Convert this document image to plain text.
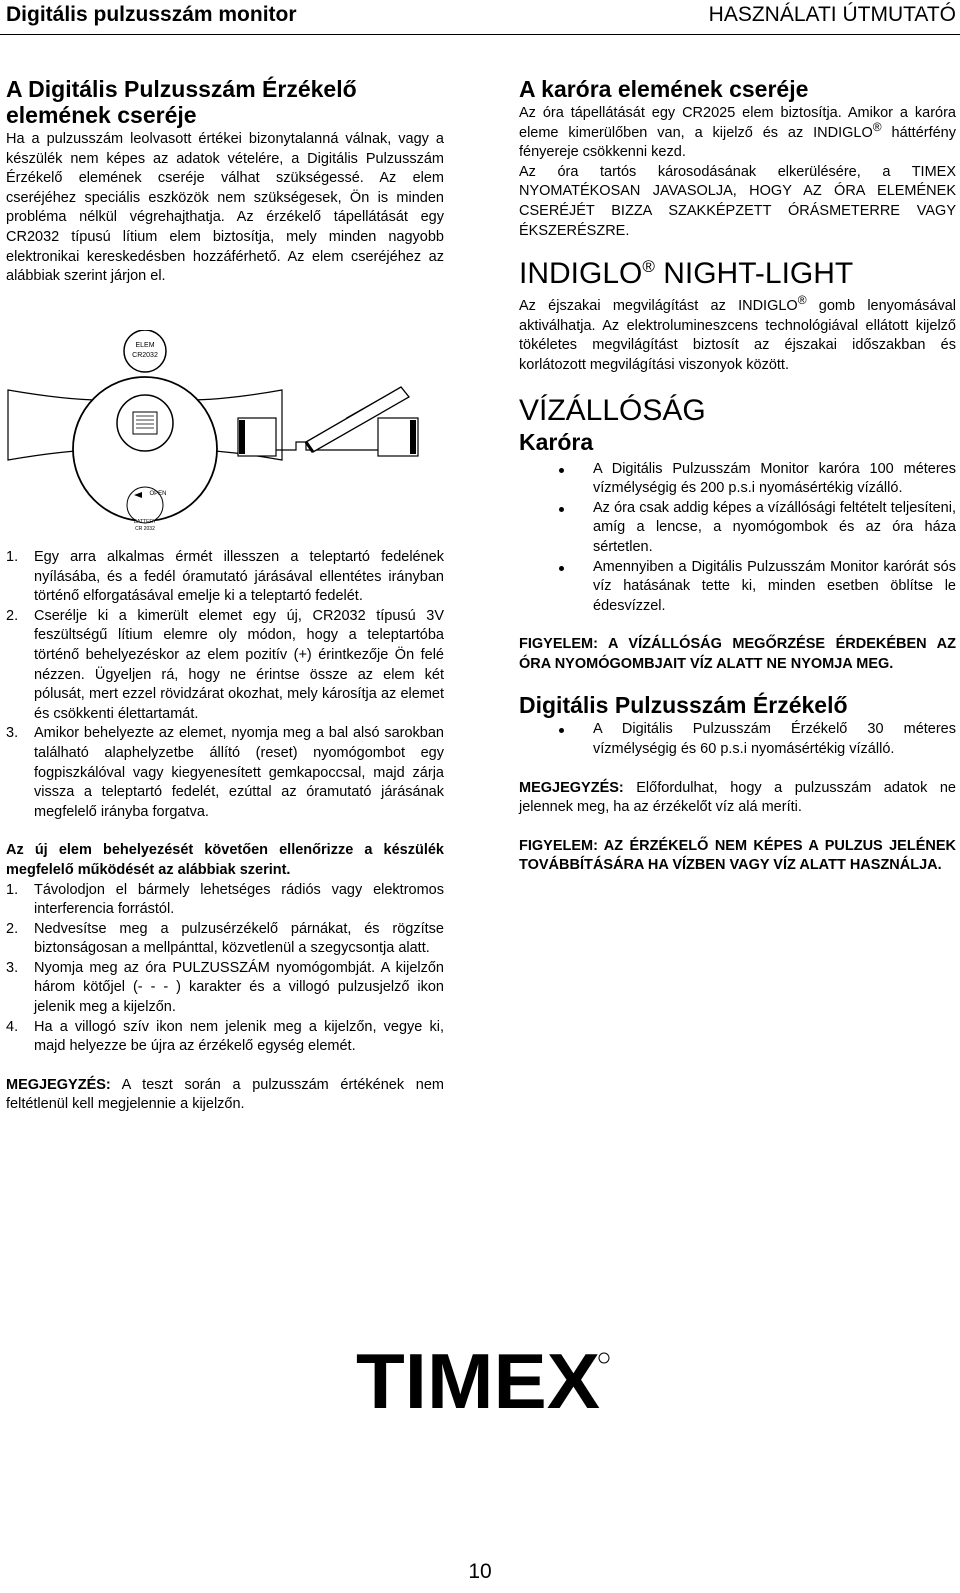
Digitális pulzusszám monitor	HASZNÁLATI ÚTMUTATÓ
A Digitális Pulzusszám Érzékelő
elemének cseréje

Ha a pulzusszám leolvasott értékei bizonytalanná válnak, vagy a készülék nem képes az adatok vételére, a Digitális Pulzusszám Érzékelő elemének cseréje válhat szükségessé. Az elem cseréjéhez speciális eszközök nem szükségesek, Ön is minden probléma nélkül végrehajthatja. Az érzékelő tápellátását egy CR2032 típusú lítium elem biztosítja, mely minden nagyobb elektronikai kereskedésben hozzáférhető. Az elem cseréjéhez az alábbiak szerint járjon el.

ELEM
CR2032
OPEN
BATTERY
CR 2032
1. Egy arra alkalmas érmét illesszen a teleptartó fedelének nyílásába, és a fedél óramutató járásával ellentétes irányban történő elforgatásával emelje ki a teleptartó fedelét.
2. Cserélje ki a kimerült elemet egy új, CR2032 típusú 3V feszültségű lítium elemre oly módon, hogy a teleptartóba történő behelyezéskor az elem pozitív (+) érintkezője Ön felé nézzen. Ügyeljen rá, hogy ne érintse össze az elem két pólusát, mert ezzel rövidzárat okozhat, mely károsítja az elemet és csökkenti élettartamát.
3. Amikor behelyezte az elemet, nyomja meg a bal alsó sarokban található alaphelyzetbe állító (reset) nyomógombot egy fogpiszkálóval vagy kiegyenesített gemkapoccsal, majd zárja vissza a teleptartó fedelét, ezúttal az óramutató járásának megfelelő irányba forgatva.

Az új elem behelyezését követően ellenőrizze a készülék megfelelő működését az alábbiak szerint.

1. Távolodjon el bármely lehetséges rádiós vagy elektromos interferencia forrástól.
2. Nedvesítse meg a pulzusérzékelő párnákat, és rögzítse biztonságosan a mellpánttal, közvetlenül a szegycsontja alatt.
3. Nyomja meg az óra PULZUSSZÁM nyomógombját. A kijelzőn három kötőjel (- - - ) karakter és a villogó pulzusjelző ikon jelenik meg a kijelzőn.
4. Ha a villogó szív ikon nem jelenik meg a kijelzőn, vegye ki, majd helyezze be újra az érzékelő egység elemét.

MEGJEGYZÉS: A teszt során a pulzusszám értékének nem feltétlenül kell megjelennie a kijelzőn.

A karóra elemének cseréje

Az óra tápellátását egy CR2025 elem biztosítja. Amikor a karóra eleme kimerülőben van, a kijelző és az INDIGLO® háttérfény fényereje csökkenni kezd.

Az óra tartós károsodásának elkerülésére, a TIMEX NYOMATÉKOSAN JAVASOLJA, HOGY AZ ÓRA ELEMÉNEK CSERÉJÉT BIZZA SZAKKÉPZETT ÓRÁSMETERRE VAGY ÉKSZERÉSZRE.

INDIGLO® NIGHT-LIGHT

Az éjszakai megvilágítást az INDIGLO® gomb lenyomásával aktiválhatja. Az elektrolumineszcens technológiával ellátott kijelző tökéletes megvilágítást biztosít az éjszakai időszakban és korlátozott megvilágítási viszonyok között.

VÍZÁLLÓSÁG
Karóra
A Digitális Pulzusszám Monitor karóra 100 méteres vízmélységig és 200 p.s.i nyomásértékig vízálló.
Az óra csak addig képes a vízállósági feltételt teljesíteni, amíg a lencse, a nyomógombok és az óra háza sértetlen.
Amennyiben a Digitális Pulzusszám Monitor karórát sós víz hatásának tette ki, minden esetben öblítse le édesvízzel.

FIGYELEM: A VÍZÁLLÓSÁG MEGŐRZÉSE ÉRDEKÉBEN AZ ÓRA NYOMÓGOMBJAIT VÍZ ALATT NE NYOMJA MEG.

Digitális Pulzusszám Érzékelő
A Digitális Pulzusszám Érzékelő 30 méteres vízmélységig és 60 p.s.i nyomásértékig vízálló.

MEGJEGYZÉS: Előfordulhat, hogy a pulzusszám adatok ne jelennek meg, ha az érzékelőt víz alá meríti.

FIGYELEM: AZ ÉRZÉKELŐ NEM KÉPES A PULZUS JELÉNEK TOVÁBBÍTÁSÁRA HA VÍZBEN VAGY VÍZ ALATT HASZNÁLJA.

TIMEX
10
